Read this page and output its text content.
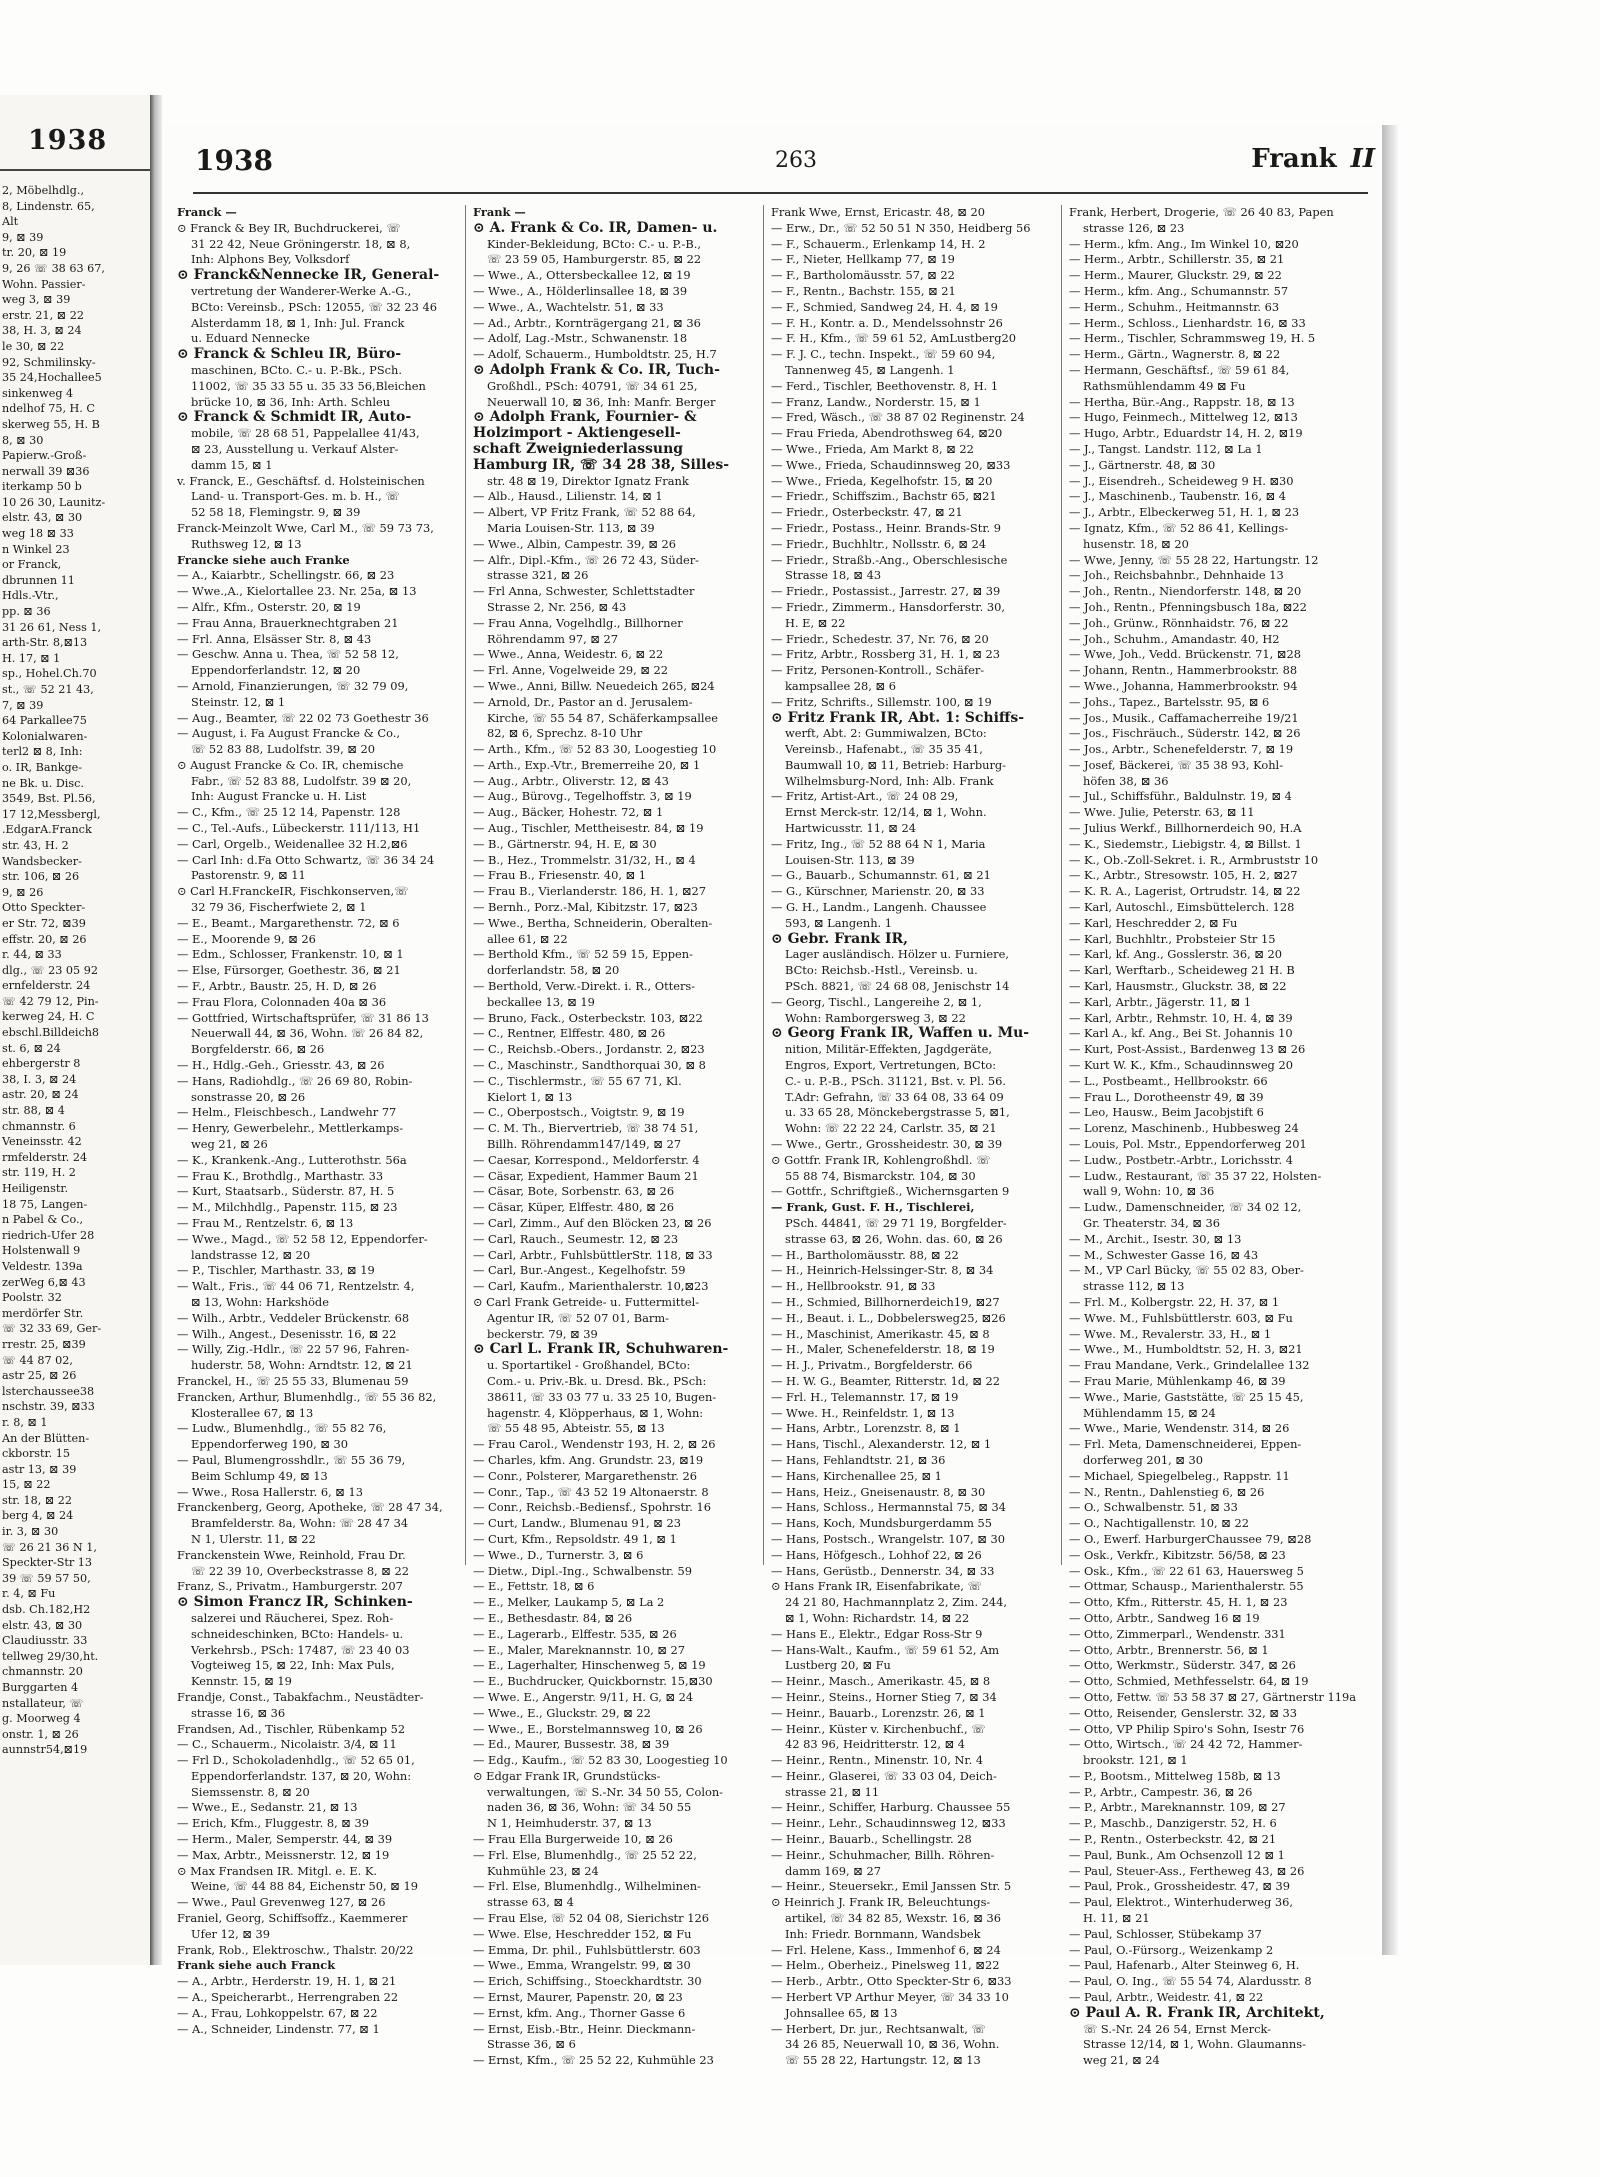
1938
2, Möbelhdlg.,
8, Lindenstr. 65,
Alt
9, ⊠ 39
tr. 20, ⊠ 19
9, 26 ☏ 38 63 67,
Wohn. Passier-
weg 3, ⊠ 39
erstr. 21, ⊠ 22
38, H. 3, ⊠ 24
le 30, ⊠ 22
92, Schmilinsky-
35 24,Hochallee5
sinkenweg 4
ndelhof 75, H. C
skerweg 55, H. B
8, ⊠ 30
Papierw.-Groß-
nerwall 39 ⊠36
iterkamp 50 b
10 26 30, Launitz-
elstr. 43, ⊠ 30
weg 18 ⊠ 33
n Winkel 23
or Franck,
dbrunnen 11
Hdls.-Vtr.,
pp. ⊠ 36
31 26 61, Ness 1,
arth-Str. 8,⊠13
H. 17, ⊠ 1
sp., Hohel.Ch.70
st., ☏ 52 21 43,
7, ⊠ 39
64 Parkallee75
Kolonialwaren-
terl2 ⊠ 8, Inh:
o. IR, Bankge-
ne Bk. u. Disc.
3549, Bst. Pl.56,
17 12,Messbergl,
.EdgarA.Franck
str. 43, H. 2
Wandsbecker-
str. 106, ⊠ 26
9, ⊠ 26
Otto Speckter-
er Str. 72, ⊠39
effstr. 20, ⊠ 26
r. 44, ⊠ 33
dlg., ☏ 23 05 92
ernfelderstr. 24
☏ 42 79 12, Pin-
kerweg 24, H. C
ebschl.Billdeich8
st. 6, ⊠ 24
ehbergerstr 8
38, I. 3, ⊠ 24
astr. 20, ⊠ 24
str. 88, ⊠ 4
chmannstr. 6
Veneinsstr. 42
rmfelderstr. 24
str. 119, H. 2
Heiligenstr.
18 75, Langen-
n Pabel & Co.,
riedrich-Ufer 28
Holstenwall 9
Veldestr. 139a
zerWeg 6,⊠ 43
Poolstr. 32
merdörfer Str.
☏ 32 33 69, Ger-
rrestr. 25, ⊠39
☏ 44 87 02,
astr 25, ⊠ 26
lsterchaussee38
nschstr. 39, ⊠33
r. 8, ⊠ 1
An der Blütten-
ckborstr. 15
astr 13, ⊠ 39
15, ⊠ 22
str. 18, ⊠ 22
berg 4, ⊠ 24
ir. 3, ⊠ 30
☏ 26 21 36 N 1,
Speckter-Str 13
39 ☏ 59 57 50,
r. 4, ⊠ Fu
dsb. Ch.182,H2
elstr. 43, ⊠ 30
Claudiusstr. 33
tellweg 29/30,ht.
chmannstr. 20
Burggarten 4
nstallateur, ☏
g. Moorweg 4
onstr. 1, ⊠ 26
aunnstr54,⊠19
1938	263	Frank II
Franck —
⊙ Franck & Bey IR, Buchdruckerei, ☏
31 22 42, Neue Gröningerstr. 18, ⊠ 8,
Inh: Alphons Bey, Volksdorf
⊙ Franck&Nennecke IR, General-
vertretung der Wanderer-Werke A.-G.,
BCto: Vereinsb., PSch: 12055, ☏ 32 23 46
Alsterdamm 18, ⊠ 1, Inh: Jul. Franck
u. Eduard Nennecke
⊙ Franck & Schleu IR, Büro-
maschinen, BCto. C.- u. P.-Bk., PSch.
11002, ☏ 35 33 55 u. 35 33 56,Bleichen
brücke 10, ⊠ 36, Inh: Arth. Schleu
⊙ Franck & Schmidt IR, Auto-
mobile, ☏ 28 68 51, Pappelallee 41/43,
⊠ 23, Ausstellung u. Verkauf Alster-
damm 15, ⊠ 1
v. Franck, E., Geschäftsf. d. Holsteinischen
Land- u. Transport-Ges. m. b. H., ☏
52 58 18, Flemingstr. 9, ⊠ 39
Franck-Meinzolt Wwe, Carl M., ☏ 59 73 73,
Ruthsweg 12, ⊠ 13
Francke siehe auch Franke
— A., Kaiarbtr., Schellingstr. 66, ⊠ 23
— Wwe.,A., Kielortallee 23. Nr. 25a, ⊠ 13
— Alfr., Kfm., Osterstr. 20, ⊠ 19
— Frau Anna, Brauerknechtgraben 21
— Frl. Anna, Elsässer Str. 8, ⊠ 43
— Geschw. Anna u. Thea, ☏ 52 58 12,
Eppendorferlandstr. 12, ⊠ 20
— Arnold, Finanzierungen, ☏ 32 79 09,
Steinstr. 12, ⊠ 1
— Aug., Beamter, ☏ 22 02 73 Goethestr 36
— August, i. Fa August Francke & Co.,
☏ 52 83 88, Ludolfstr. 39, ⊠ 20
⊙ August Francke & Co. IR, chemische
Fabr., ☏ 52 83 88, Ludolfstr. 39 ⊠ 20,
Inh: August Francke u. H. List
— C., Kfm., ☏ 25 12 14, Papenstr. 128
— C., Tel.-Aufs., Lübeckerstr. 111/113, H1
— Carl, Orgelb., Weidenallee 32 H.2,⊠6
— Carl Inh: d.Fa Otto Schwartz, ☏ 36 34 24
Pastorenstr. 9, ⊠ 11
⊙ Carl H.FranckeIR, Fischkonserven,☏
32 79 36, Fischerfwiete 2, ⊠ 1
— E., Beamt., Margarethenstr. 72, ⊠ 6
— E., Moorende 9, ⊠ 26
— Edm., Schlosser, Frankenstr. 10, ⊠ 1
— Else, Fürsorger, Goethestr. 36, ⊠ 21
— F., Arbtr., Baustr. 25, H. D, ⊠ 26
— Frau Flora, Colonnaden 40a ⊠ 36
— Gottfried, Wirtschaftsprüfer, ☏ 31 86 13
Neuerwall 44, ⊠ 36, Wohn. ☏ 26 84 82,
Borgfelderstr. 66, ⊠ 26
— H., Hdlg.-Geh., Griesstr. 43, ⊠ 26
— Hans, Radiohdlg., ☏ 26 69 80, Robin-
sonstrasse 20, ⊠ 26
— Helm., Fleischbesch., Landwehr 77
— Henry, Gewerbelehr., Mettlerkamps-
weg 21, ⊠ 26
— K., Krankenk.-Ang., Lutterothstr. 56a
— Frau K., Brothdlg., Marthastr. 33
— Kurt, Staatsarb., Süderstr. 87, H. 5
— M., Milchhdlg., Papenstr. 115, ⊠ 23
— Frau M., Rentzelstr. 6, ⊠ 13
— Wwe., Magd., ☏ 52 58 12, Eppendorfer-
landstrasse 12, ⊠ 20
— P., Tischler, Marthastr. 33, ⊠ 19
— Walt., Fris., ☏ 44 06 71, Rentzelstr. 4,
⊠ 13, Wohn: Harkshöde
— Wilh., Arbtr., Veddeler Brückenstr. 68
— Wilh., Angest., Desenisstr. 16, ⊠ 22
— Willy, Zig.-Hdlr., ☏ 22 57 96, Fahren-
huderstr. 58, Wohn: Arndtstr. 12, ⊠ 21
Franckel, H., ☏ 25 55 33, Blumenau 59
Francken, Arthur, Blumenhdlg., ☏ 55 36 82,
Klosterallee 67, ⊠ 13
— Ludw., Blumenhdlg., ☏ 55 82 76,
Eppendorferweg 190, ⊠ 30
— Paul, Blumengrosshdlr., ☏ 55 36 79,
Beim Schlump 49, ⊠ 13
— Wwe., Rosa Hallerstr. 6, ⊠ 13
Franckenberg, Georg, Apotheke, ☏ 28 47 34,
Bramfelderstr. 8a, Wohn: ☏ 28 47 34
N 1, Ulerstr. 11, ⊠ 22
Franckenstein Wwe, Reinhold, Frau Dr.
☏ 22 39 10, Overbeckstrasse 8, ⊠ 22
Franz, S., Privatm., Hamburgerstr. 207
⊙ Simon Francz IR, Schinken-
salzerei und Räucherei, Spez. Roh-
schneideschinken, BCto: Handels- u.
Verkehrsb., PSch: 17487, ☏ 23 40 03
Vogteiweg 15, ⊠ 22, Inh: Max Puls,
Kennstr. 15, ⊠ 19
Frandje, Const., Tabakfachm., Neustädter-
strasse 16, ⊠ 36
Frandsen, Ad., Tischler, Rübenkamp 52
— C., Schauerm., Nicolaistr. 3/4, ⊠ 11
— Frl D., Schokoladenhdlg., ☏ 52 65 01,
Eppendorferlandstr. 137, ⊠ 20, Wohn:
Siemssenstr. 8, ⊠ 20
— Wwe., E., Sedanstr. 21, ⊠ 13
— Erich, Kfm., Fluggestr. 8, ⊠ 39
— Herm., Maler, Semperstr. 44, ⊠ 39
— Max, Arbtr., Meissnerstr. 12, ⊠ 19
⊙ Max Frandsen IR. Mitgl. e. E. K.
Weine, ☏ 44 88 84, Eichenstr 50, ⊠ 19
— Wwe., Paul Grevenweg 127, ⊠ 26
Franiel, Georg, Schiffsoffz., Kaemmerer
Ufer 12, ⊠ 39
Frank, Rob., Elektroschw., Thalstr. 20/22
Frank siehe auch Franck
— A., Arbtr., Herderstr. 19, H. 1, ⊠ 21
— A., Speicherarbt., Herrengraben 22
— A., Frau, Lohkoppelstr. 67, ⊠ 22
— A., Schneider, Lindenstr. 77, ⊠ 1
Frank —
⊙ A. Frank & Co. IR, Damen- u.
Kinder-Bekleidung, BCto: C.- u. P.-B.,
☏ 23 59 05, Hamburgerstr. 85, ⊠ 22
— Wwe., A., Ottersbeckallee 12, ⊠ 19
— Wwe., A., Hölderlinsallee 18, ⊠ 39
— Wwe., A., Wachtelstr. 51, ⊠ 33
— Ad., Arbtr., Kornträgergang 21, ⊠ 36
— Adolf, Lag.-Mstr., Schwanenstr. 18
— Adolf, Schauerm., Humboldtstr. 25, H.7
⊙ Adolph Frank & Co. IR, Tuch-
Großhdl., PSch: 40791, ☏ 34 61 25,
Neuerwall 10, ⊠ 36, Inh: Manfr. Berger
⊙ Adolph Frank, Fournier- &
Holzimport - Aktiengesell-
schaft Zweigniederlassung
Hamburg IR, ☏ 34 28 38, Silles-
str. 48 ⊠ 19, Direktor Ignatz Frank
— Alb., Hausd., Lilienstr. 14, ⊠ 1
— Albert, VP Fritz Frank, ☏ 52 88 64,
Maria Louisen-Str. 113, ⊠ 39
— Wwe., Albin, Campestr. 39, ⊠ 26
— Alfr., Dipl.-Kfm., ☏ 26 72 43, Süder-
strasse 321, ⊠ 26
— Frl Anna, Schwester, Schlettstadter
Strasse 2, Nr. 256, ⊠ 43
— Frau Anna, Vogelhdlg., Billhorner
Röhrendamm 97, ⊠ 27
— Wwe., Anna, Weidestr. 6, ⊠ 22
— Frl. Anne, Vogelweide 29, ⊠ 22
— Wwe., Anni, Billw. Neuedeich 265, ⊠24
— Arnold, Dr., Pastor an d. Jerusalem-
Kirche, ☏ 55 54 87, Schäferkampsallee
82, ⊠ 6, Sprechz. 8-10 Uhr
— Arth., Kfm., ☏ 52 83 30, Loogestieg 10
— Arth., Exp.-Vtr., Bremerreihe 20, ⊠ 1
— Aug., Arbtr., Oliverstr. 12, ⊠ 43
— Aug., Bürovg., Tegelhoffstr. 3, ⊠ 19
— Aug., Bäcker, Hohestr. 72, ⊠ 1
— Aug., Tischler, Mettheisestr. 84, ⊠ 19
— B., Gärtnerstr. 94, H. E, ⊠ 30
— B., Hez., Trommelstr. 31/32, H., ⊠ 4
— Frau B., Friesenstr. 40, ⊠ 1
— Frau B., Vierlanderstr. 186, H. 1, ⊠27
— Bernh., Porz.-Mal, Kibitzstr. 17, ⊠23
— Wwe., Bertha, Schneiderin, Oberalten-
allee 61, ⊠ 22
— Berthold Kfm., ☏ 52 59 15, Eppen-
dorferlandstr. 58, ⊠ 20
— Berthold, Verw.-Direkt. i. R., Otters-
beckallee 13, ⊠ 19
— Bruno, Fack., Osterbeckstr. 103, ⊠22
— C., Rentner, Elffestr. 480, ⊠ 26
— C., Reichsb.-Obers., Jordanstr. 2, ⊠23
— C., Maschinstr., Sandthorquai 30, ⊠ 8
— C., Tischlermstr., ☏ 55 67 71, Kl.
Kielort 1, ⊠ 13
— C., Oberpostsch., Voigtstr. 9, ⊠ 19
— C. M. Th., Biervertrieb, ☏ 38 74 51,
Billh. Röhrendamm147/149, ⊠ 27
— Caesar, Korrespond., Meldorferstr. 4
— Cäsar, Expedient, Hammer Baum 21
— Cäsar, Bote, Sorbenstr. 63, ⊠ 26
— Cäsar, Küper, Elffestr. 480, ⊠ 26
— Carl, Zimm., Auf den Blöcken 23, ⊠ 26
— Carl, Rauch., Seumestr. 12, ⊠ 23
— Carl, Arbtr., FuhlsbüttlerStr. 118, ⊠ 33
— Carl, Bur.-Angest., Kegelhofstr. 59
— Carl, Kaufm., Marienthalerstr. 10,⊠23
⊙ Carl Frank Getreide- u. Futtermittel-
Agentur IR, ☏ 52 07 01, Barm-
beckerstr. 79, ⊠ 39
⊙ Carl L. Frank IR, Schuhwaren-
u. Sportartikel - Großhandel, BCto:
Com.- u. Priv.-Bk. u. Dresd. Bk., PSch:
38611, ☏ 33 03 77 u. 33 25 10, Bugen-
hagenstr. 4, Klöpperhaus, ⊠ 1, Wohn:
☏ 55 48 95, Abteistr. 55, ⊠ 13
— Frau Carol., Wendenstr 193, H. 2, ⊠ 26
— Charles, kfm. Ang. Grundstr. 23, ⊠19
— Conr., Polsterer, Margarethenstr. 26
— Conr., Tap., ☏ 43 52 19 Altonaerstr. 8
— Conr., Reichsb.-Bediensf., Spohrstr. 16
— Curt, Landw., Blumenau 91, ⊠ 23
— Curt, Kfm., Repsoldstr. 49 1, ⊠ 1
— Wwe., D., Turnerstr. 3, ⊠ 6
— Dietw., Dipl.-Ing., Schwalbenstr. 59
— E., Fettstr. 18, ⊠ 6
— E., Melker, Laukamp 5, ⊠ La 2
— E., Bethesdastr. 84, ⊠ 26
— E., Lagerarb., Elffestr. 535, ⊠ 26
— E., Maler, Mareknannstr. 10, ⊠ 27
— E., Lagerhalter, Hinschenweg 5, ⊠ 19
— E., Buchdrucker, Quickbornstr. 15,⊠30
— Wwe. E., Angerstr. 9/11, H. G, ⊠ 24
— Wwe., E., Gluckstr. 29, ⊠ 22
— Wwe., E., Borstelmannsweg 10, ⊠ 26
— Ed., Maurer, Bussestr. 38, ⊠ 39
— Edg., Kaufm., ☏ 52 83 30, Loogestieg 10
⊙ Edgar Frank IR, Grundstücks-
verwaltungen, ☏ S.-Nr. 34 50 55, Colon-
naden 36, ⊠ 36, Wohn: ☏ 34 50 55
N 1, Heimhuderstr. 37, ⊠ 13
— Frau Ella Burgerweide 10, ⊠ 26
— Frl. Else, Blumenhdlg., ☏ 25 52 22,
Kuhmühle 23, ⊠ 24
— Frl. Else, Blumenhdlg., Wilhelminen-
strasse 63, ⊠ 4
— Frau Else, ☏ 52 04 08, Sierichstr 126
— Wwe. Else, Heschredder 152, ⊠ Fu
— Emma, Dr. phil., Fuhlsbüttlerstr. 603
— Wwe., Emma, Wrangelstr. 99, ⊠ 30
— Erich, Schiffsing., Stoeckhardtstr. 30
— Ernst, Maurer, Papenstr. 20, ⊠ 23
— Ernst, kfm. Ang., Thorner Gasse 6
— Ernst, Eisb.-Btr., Heinr. Dieckmann-
Strasse 36, ⊠ 6
— Ernst, Kfm., ☏ 25 52 22, Kuhmühle 23
Frank Wwe, Ernst, Ericastr. 48, ⊠ 20
— Erw., Dr., ☏ 52 50 51 N 350, Heidberg 56
— F., Schauerm., Erlenkamp 14, H. 2
— F., Nieter, Hellkamp 77, ⊠ 19
— F., Bartholomäusstr. 57, ⊠ 22
— F., Rentn., Bachstr. 155, ⊠ 21
— F., Schmied, Sandweg 24, H. 4, ⊠ 19
— F. H., Kontr. a. D., Mendelssohnstr 26
— F. H., Kfm., ☏ 59 61 52, AmLustberg20
— F. J. C., techn. Inspekt., ☏ 59 60 94,
Tannenweg 45, ⊠ Langenh. 1
— Ferd., Tischler, Beethovenstr. 8, H. 1
— Franz, Landw., Norderstr. 15, ⊠ 1
— Fred, Wäsch., ☏ 38 87 02 Reginenstr. 24
— Frau Frieda, Abendrothsweg 64, ⊠20
— Wwe., Frieda, Am Markt 8, ⊠ 22
— Wwe., Frieda, Schaudinnsweg 20, ⊠33
— Wwe., Frieda, Kegelhofstr. 15, ⊠ 20
— Friedr., Schiffszim., Bachstr 65, ⊠21
— Friedr., Osterbeckstr. 47, ⊠ 21
— Friedr., Postass., Heinr. Brands-Str. 9
— Friedr., Buchhltr., Nollsstr. 6, ⊠ 24
— Friedr., Straßb.-Ang., Oberschlesische
Strasse 18, ⊠ 43
— Friedr., Postassist., Jarrestr. 27, ⊠ 39
— Friedr., Zimmerm., Hansdorferstr. 30,
H. E, ⊠ 22
— Friedr., Schedestr. 37, Nr. 76, ⊠ 20
— Fritz, Arbtr., Rossberg 31, H. 1, ⊠ 23
— Fritz, Personen-Kontroll., Schäfer-
kampsallee 28, ⊠ 6
— Fritz, Schrifts., Sillemstr. 100, ⊠ 19
⊙ Fritz Frank IR, Abt. 1: Schiffs-
werft, Abt. 2: Gummiwalzen, BCto:
Vereinsb., Hafenabt., ☏ 35 35 41,
Baumwall 10, ⊠ 11, Betrieb: Harburg-
Wilhelmsburg-Nord, Inh: Alb. Frank
— Fritz, Artist-Art., ☏ 24 08 29,
Ernst Merck-str. 12/14, ⊠ 1, Wohn.
Hartwicusstr. 11, ⊠ 24
— Fritz, Ing., ☏ 52 88 64 N 1, Maria
Louisen-Str. 113, ⊠ 39
— G., Bauarb., Schumannstr. 61, ⊠ 21
— G., Kürschner, Marienstr. 20, ⊠ 33
— G. H., Landm., Langenh. Chaussee
593, ⊠ Langenh. 1
⊙ Gebr. Frank IR,
Lager ausländisch. Hölzer u. Furniere,
BCto: Reichsb.-Hstl., Vereinsb. u.
PSch. 8821, ☏ 24 68 08, Jenischstr 14
— Georg, Tischl., Langereihe 2, ⊠ 1,
Wohn: Ramborgersweg 3, ⊠ 22
⊙ Georg Frank IR, Waffen u. Mu-
nition, Militär-Effekten, Jagdgeräte,
Engros, Export, Vertretungen, BCto:
C.- u. P.-B., PSch. 31121, Bst. v. Pl. 56.
T.Adr: Gefrahn, ☏ 33 64 08, 33 64 09
u. 33 65 28, Mönckebergstrasse 5, ⊠1,
Wohn: ☏ 22 22 24, Carlstr. 35, ⊠ 21
— Wwe., Gertr., Grossheidestr. 30, ⊠ 39
⊙ Gottfr. Frank IR, Kohlengroßhdl. ☏
55 88 74, Bismarckstr. 104, ⊠ 30
— Gottfr., Schriftgieß., Wichernsgarten 9
— Frank, Gust. F. H., Tischlerei,
PSch. 44841, ☏ 29 71 19, Borgfelder-
strasse 63, ⊠ 26, Wohn. das. 60, ⊠ 26
— H., Bartholomäusstr. 88, ⊠ 22
— H., Heinrich-Helssinger-Str. 8, ⊠ 34
— H., Hellbrookstr. 91, ⊠ 33
— H., Schmied, Billhornerdeich19, ⊠27
— H., Beaut. i. L., Dobbelersweg25, ⊠26
— H., Maschinist, Amerikastr. 45, ⊠ 8
— H., Maler, Schenefelderstr. 18, ⊠ 19
— H. J., Privatm., Borgfelderstr. 66
— H. W. G., Beamter, Ritterstr. 1d, ⊠ 22
— Frl. H., Telemannstr. 17, ⊠ 19
— Wwe. H., Reinfeldstr. 1, ⊠ 13
— Hans, Arbtr., Lorenzstr. 8, ⊠ 1
— Hans, Tischl., Alexanderstr. 12, ⊠ 1
— Hans, Fehlandtstr. 21, ⊠ 36
— Hans, Kirchenallee 25, ⊠ 1
— Hans, Heiz., Gneisenaustr. 8, ⊠ 30
— Hans, Schloss., Hermannstal 75, ⊠ 34
— Hans, Koch, Mundsburgerdamm 55
— Hans, Postsch., Wrangelstr. 107, ⊠ 30
— Hans, Höfgesch., Lohhof 22, ⊠ 26
— Hans, Gerüstb., Dennerstr. 34, ⊠ 33
⊙ Hans Frank IR, Eisenfabrikate, ☏
24 21 80, Hachmannplatz 2, Zim. 244,
⊠ 1, Wohn: Richardstr. 14, ⊠ 22
— Hans E., Elektr., Edgar Ross-Str 9
— Hans-Walt., Kaufm., ☏ 59 61 52, Am
Lustberg 20, ⊠ Fu
— Heinr., Masch., Amerikastr. 45, ⊠ 8
— Heinr., Steins., Horner Stieg 7, ⊠ 34
— Heinr., Bauarb., Lorenzstr. 26, ⊠ 1
— Heinr., Küster v. Kirchenbuchf., ☏
42 83 96, Heidritterstr. 12, ⊠ 4
— Heinr., Rentn., Minenstr. 10, Nr. 4
— Heinr., Glaserei, ☏ 33 03 04, Deich-
strasse 21, ⊠ 11
— Heinr., Schiffer, Harburg. Chaussee 55
— Heinr., Lehr., Schaudinnsweg 12, ⊠33
— Heinr., Bauarb., Schellingstr. 28
— Heinr., Schuhmacher, Billh. Röhren-
damm 169, ⊠ 27
— Heinr., Steuersekr., Emil Janssen Str. 5
⊙ Heinrich J. Frank IR, Beleuchtungs-
artikel, ☏ 34 82 85, Wexstr. 16, ⊠ 36
Inh: Friedr. Bornmann, Wandsbek
— Frl. Helene, Kass., Immenhof 6, ⊠ 24
— Helm., Oberheiz., Pinelsweg 11, ⊠22
— Herb., Arbtr., Otto Speckter-Str 6, ⊠33
— Herbert VP Arthur Meyer, ☏ 34 33 10
Johnsallee 65, ⊠ 13
— Herbert, Dr. jur., Rechtsanwalt, ☏
34 26 85, Neuerwall 10, ⊠ 36, Wohn.
☏ 55 28 22, Hartungstr. 12, ⊠ 13
Frank, Herbert, Drogerie, ☏ 26 40 83, Papen
strasse 126, ⊠ 23
— Herm., kfm. Ang., Im Winkel 10, ⊠20
— Herm., Arbtr., Schillerstr. 35, ⊠ 21
— Herm., Maurer, Gluckstr. 29, ⊠ 22
— Herm., kfm. Ang., Schumannstr. 57
— Herm., Schuhm., Heitmannstr. 63
— Herm., Schloss., Lienhardstr. 16, ⊠ 33
— Herm., Tischler, Schrammsweg 19, H. 5
— Herm., Gärtn., Wagnerstr. 8, ⊠ 22
— Hermann, Geschäftsf., ☏ 59 61 84,
Rathsmühlendamm 49 ⊠ Fu
— Hertha, Bür.-Ang., Rappstr. 18, ⊠ 13
— Hugo, Feinmech., Mittelweg 12, ⊠13
— Hugo, Arbtr., Eduardstr 14, H. 2, ⊠19
— J., Tangst. Landstr. 112, ⊠ La 1
— J., Gärtnerstr. 48, ⊠ 30
— J., Eisendreh., Scheideweg 9 H. ⊠30
— J., Maschinenb., Taubenstr. 16, ⊠ 4
— J., Arbtr., Elbeckerweg 51, H. 1, ⊠ 23
— Ignatz, Kfm., ☏ 52 86 41, Kellings-
husenstr. 18, ⊠ 20
— Wwe, Jenny, ☏ 55 28 22, Hartungstr. 12
— Joh., Reichsbahnbr., Dehnhaide 13
— Joh., Rentn., Niendorferstr. 148, ⊠ 20
— Joh., Rentn., Pfenningsbusch 18a, ⊠22
— Joh., Grünw., Rönnhaidstr. 76, ⊠ 22
— Joh., Schuhm., Amandastr. 40, H2
— Wwe, Joh., Vedd. Brückenstr. 71, ⊠28
— Johann, Rentn., Hammerbrookstr. 88
— Wwe., Johanna, Hammerbrookstr. 94
— Johs., Tapez., Bartelsstr. 95, ⊠ 6
— Jos., Musik., Caffamacherreihe 19/21
— Jos., Fischräuch., Süderstr. 142, ⊠ 26
— Jos., Arbtr., Schenefelderstr. 7, ⊠ 19
— Josef, Bäckerei, ☏ 35 38 93, Kohl-
höfen 38, ⊠ 36
— Jul., Schiffsführ., Baldulnstr. 19, ⊠ 4
— Wwe. Julie, Peterstr. 63, ⊠ 11
— Julius Werkf., Billhornerdeich 90, H.A
— K., Siedemstr., Liebigstr. 4, ⊠ Billst. 1
— K., Ob.-Zoll-Sekret. i. R., Armbruststr 10
— K., Arbtr., Stresowstr. 105, H. 2, ⊠27
— K. R. A., Lagerist, Ortrudstr. 14, ⊠ 22
— Karl, Autoschl., Eimsbüttelerch. 128
— Karl, Heschredder 2, ⊠ Fu
— Karl, Buchhltr., Probsteier Str 15
— Karl, kf. Ang., Gosslerstr. 36, ⊠ 20
— Karl, Werftarb., Scheideweg 21 H. B
— Karl, Hausmstr., Gluckstr. 38, ⊠ 22
— Karl, Arbtr., Jägerstr. 11, ⊠ 1
— Karl, Arbtr., Rehmstr. 10, H. 4, ⊠ 39
— Karl A., kf. Ang., Bei St. Johannis 10
— Kurt, Post-Assist., Bardenweg 13 ⊠ 26
— Kurt W. K., Kfm., Schaudinnsweg 20
— L., Postbeamt., Hellbrookstr. 66
— Frau L., Dorotheenstr 49, ⊠ 39
— Leo, Hausw., Beim Jacobjstift 6
— Lorenz, Maschinenb., Hubbesweg 24
— Louis, Pol. Mstr., Eppendorferweg 201
— Ludw., Postbetr.-Arbtr., Lorichsstr. 4
— Ludw., Restaurant, ☏ 35 37 22, Holsten-
wall 9, Wohn: 10, ⊠ 36
— Ludw., Damenschneider, ☏ 34 02 12,
Gr. Theaterstr. 34, ⊠ 36
— M., Archit., Isestr. 30, ⊠ 13
— M., Schwester Gasse 16, ⊠ 43
— M., VP Carl Bücky, ☏ 55 02 83, Ober-
strasse 112, ⊠ 13
— Frl. M., Kolbergstr. 22, H. 37, ⊠ 1
— Wwe. M., Fuhlsbüttlerstr. 603, ⊠ Fu
— Wwe. M., Revalerstr. 33, H., ⊠ 1
— Wwe., M., Humboldtstr. 52, H. 3, ⊠21
— Frau Mandane, Verk., Grindelallee 132
— Frau Marie, Mühlenkamp 46, ⊠ 39
— Wwe., Marie, Gaststätte, ☏ 25 15 45,
Mühlendamm 15, ⊠ 24
— Wwe., Marie, Wendenstr. 314, ⊠ 26
— Frl. Meta, Damenschneiderei, Eppen-
dorferweg 201, ⊠ 30
— Michael, Spiegelbeleg., Rappstr. 11
— N., Rentn., Dahlenstieg 6, ⊠ 26
— O., Schwalbenstr. 51, ⊠ 33
— O., Nachtigallenstr. 10, ⊠ 22
— O., Ewerf. HarburgerChaussee 79, ⊠28
— Osk., Verkfr., Kibitzstr. 56/58, ⊠ 23
— Osk., Kfm., ☏ 22 61 63, Hauersweg 5
— Ottmar, Schausp., Marienthalerstr. 55
— Otto, Kfm., Ritterstr. 45, H. 1, ⊠ 23
— Otto, Arbtr., Sandweg 16 ⊠ 19
— Otto, Zimmerparl., Wendenstr. 331
— Otto, Arbtr., Brennerstr. 56, ⊠ 1
— Otto, Werkmstr., Süderstr. 347, ⊠ 26
— Otto, Schmied, Methfesselstr. 64, ⊠ 19
— Otto, Fettw. ☏ 53 58 37 ⊠ 27, Gärtnerstr 119a
— Otto, Reisender, Genslerstr. 32, ⊠ 33
— Otto, VP Philip Spiro's Sohn, Isestr 76
— Otto, Wirtsch., ☏ 24 42 72, Hammer-
brookstr. 121, ⊠ 1
— P., Bootsm., Mittelweg 158b, ⊠ 13
— P., Arbtr., Campestr. 36, ⊠ 26
— P., Arbtr., Mareknannstr. 109, ⊠ 27
— P., Maschb., Danzigerstr. 52, H. 6
— P., Rentn., Osterbeckstr. 42, ⊠ 21
— Paul, Bunk., Am Ochsenzoll 12 ⊠ 1
— Paul, Steuer-Ass., Fertheweg 43, ⊠ 26
— Paul, Prok., Grossheidestr. 47, ⊠ 39
— Paul, Elektrot., Winterhuderweg 36,
H. 11, ⊠ 21
— Paul, Schlosser, Stübekamp 37
— Paul, O.-Fürsorg., Weizenkamp 2
— Paul, Hafenarb., Alter Steinweg 6, H.
— Paul, O. Ing., ☏ 55 54 74, Alardusstr. 8
— Paul, Arbtr., Weidestr. 41, ⊠ 22
⊙ Paul A. R. Frank IR, Architekt,
☏ S.-Nr. 24 26 54, Ernst Merck-
Strasse 12/14, ⊠ 1, Wohn. Glaumanns-
weg 21, ⊠ 24
